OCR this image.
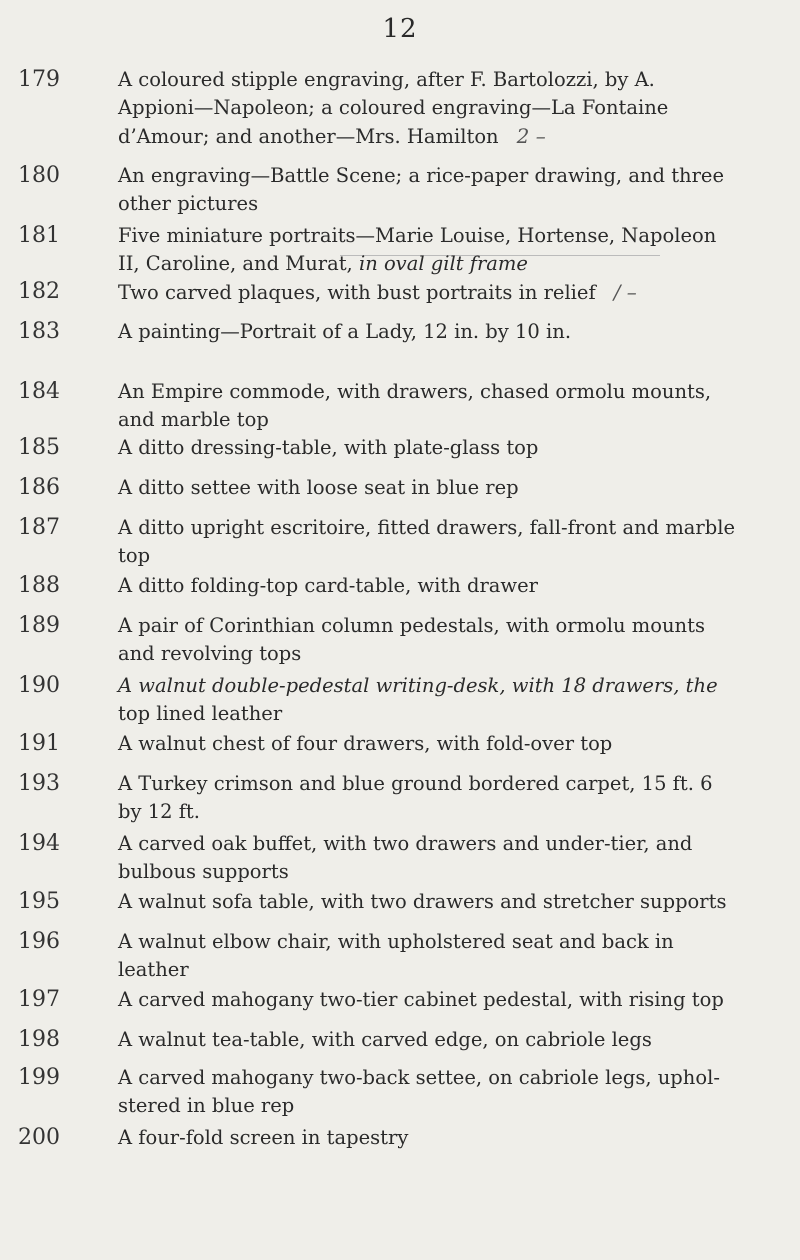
12
179	A coloured stipple engraving, after F. Bartolozzi, by A.
Appioni—Napoleon; a coloured engraving—La Fontaine
d’Amour; and another—Mrs. Hamilton 2 –
180	An engraving—Battle Scene; a rice-paper drawing, and three
other pictures
181	Five miniature portraits—Marie Louise, Hortense, Napoleon
II, Caroline, and Murat, in oval gilt frame
182	Two carved plaques, with bust portraits in relief / –
183	A painting—Portrait of a Lady, 12 in. by 10 in.
184	An Empire commode, with drawers, chased ormolu mounts,
and marble top
185	A ditto dressing-table, with plate-glass top
186	A ditto settee with loose seat in blue rep
187	A ditto upright escritoire, fitted drawers, fall-front and marble
top
188	A ditto folding-top card-table, with drawer
189	A pair of Corinthian column pedestals, with ormolu mounts
and revolving tops
190	A walnut double-pedestal writing-desk, with 18 drawers, the
top lined leather
191	A walnut chest of four drawers, with fold-over top
193	A Turkey crimson and blue ground bordered carpet, 15 ft. 6
by 12 ft.
194	A carved oak buffet, with two drawers and under-tier, and
bulbous supports
195	A walnut sofa table, with two drawers and stretcher supports
196	A walnut elbow chair, with upholstered seat and back in
leather
197	A carved mahogany two-tier cabinet pedestal, with rising top
198	A walnut tea-table, with carved edge, on cabriole legs
199	A carved mahogany two-back settee, on cabriole legs, uphol-
stered in blue rep
200	A four-fold screen in tapestry
